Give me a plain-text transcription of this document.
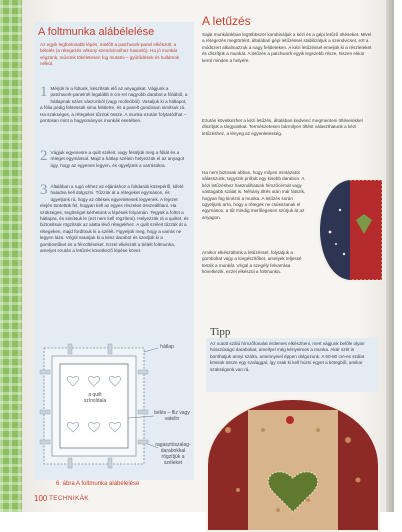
A foltmunka alábélelése

Az egyik legfontosabb lépés, mielőtt a patchwork-panel elkészült, a bélelés (a rétegezés vékony szendvicséhez hasonló). Ha jó munkát végzünk, művünk tökéletesen fog mutatni – gyűrődések és hullámok nélkül.

1 Mérjük le a foltunk, készítsük elő az anyagokat. Vágjunk a patchwork-panelnél legalább 5 cm-rel nagyobb darabot a fóliából, a hátlapnak szánt vászonból (vagy molinóból). Vasaljuk ki a hátlapot, a fólia pedig fektessük sima felületre, és a panelt gondosan simítsuk rá. Ha szükséges, a rétegeket tűzzük össze. A munka ezután folytatódhat – pontosan mint a hagyományos munkák esetében.
2 Vágjuk egyenesre a quilt széleit, vagy fésüljük meg a fóliát és a réteget egymással. Majd a hátlap szélein helyezzük el az anyagot úgy, hogy az egyenes legyen, és ügyeljünk a varrásokra.
3 Általában a rugó ehhez az eljáráshoz a foltdarab közepéről, kifelé haladva kell dolgozni. Tűzzük át a rétegeket egymáson, és ügyeljünk rá, hogy az öltések egyenletesek legyenek. A fejezet elején tüntettük fel, hogyan kell az egyes részeket összeállítani. Ha szükséges, segítséget kérhetünk a lépések folyamán. Tegyük a foltot a hátlapra, és simítsuk le (ezt nem kell rögzíteni). Helyezzük rá a quiltet, és biztosítsuk rögzítsük az alatta lévő rétegekhez. A quilt széleit tűzzük át a rétegeken, majd fordítsuk ki a szélét. Figyeljük meg, hogy a varrás ne legyen laza. Végül vasaljuk ki a kész darabot és szedjük ki a gombostűket és a fércöltéseket. Ezzel elkészült a bélelt foltmunka, amelyet ezután a letűzés következő lépése követ.
hátlap
a quilt színoldala
bélés – fliz vagy vatelin
ragasztószalag-darabokkal rögzítjük a széleket
6. ábra A foltmunka alábélelése
100 TECHNIKÁK
A letűzés

Saját munkáinkban legtöbbször kombináljuk a kézi és a gépi letűző öltéseket. Mivel a rétegezés megtörtént, általában gépi letűzéssel stabilizáljuk a szendvicset, ezt a módszert alkalmazzuk a nagy felületeken. A kézi letűzéssel emeljük ki a részleteket és díszítjük a munkát. A letűzés a patchwork egyik legszebb része, hiszen ekkor kerül minden a helyére.

Ezután következhet a kézi letűzés, általában kedvenc megmenteni öltéseinkkel díszítjük a tárgyainkat. Természetesen bármilyen öltést választhatunk a kézi letűzéshez, a lényeg az egyenletesség.

Ha nem biztosak abban, hogy milyen mintázatot válasszunk, tegyünk próbát egy kisebb darabon. A kézi letűzéshez használhatunk hímzőcérnát vagy vastagabb szálat is. Néhány öltés után már látszik, hogyan fog kinézni a munka. A letűzés során ügyeljünk arra, hogy a rétegek ne csússzanak el egymáson, a tűt mindig merőlegesen szúrjuk át az anyagon.

Amikor elkészültünk a letűzéssel, folytatjuk a gombokat vagy a kiegészítőket, amelyek teljessé teszik a munkát. Végül a szegély felvarrása következik, ezzel elkészül a foltmunka.

Tipp

Az outott szálú hímzőfonalat érdemes elkészíteni, mert vágjunk belőle olyan hosszúságú darabokat, amellyel még kényelmes a munka. Akár szét is bonthatjuk annyi szálra, amennyivel éppen dolgozunk. A 60-80 cm-es szálat kössük össze egy szalaggal, így csak ki kell húzni egyet a kötegből, amikor szükségünk van rá.
